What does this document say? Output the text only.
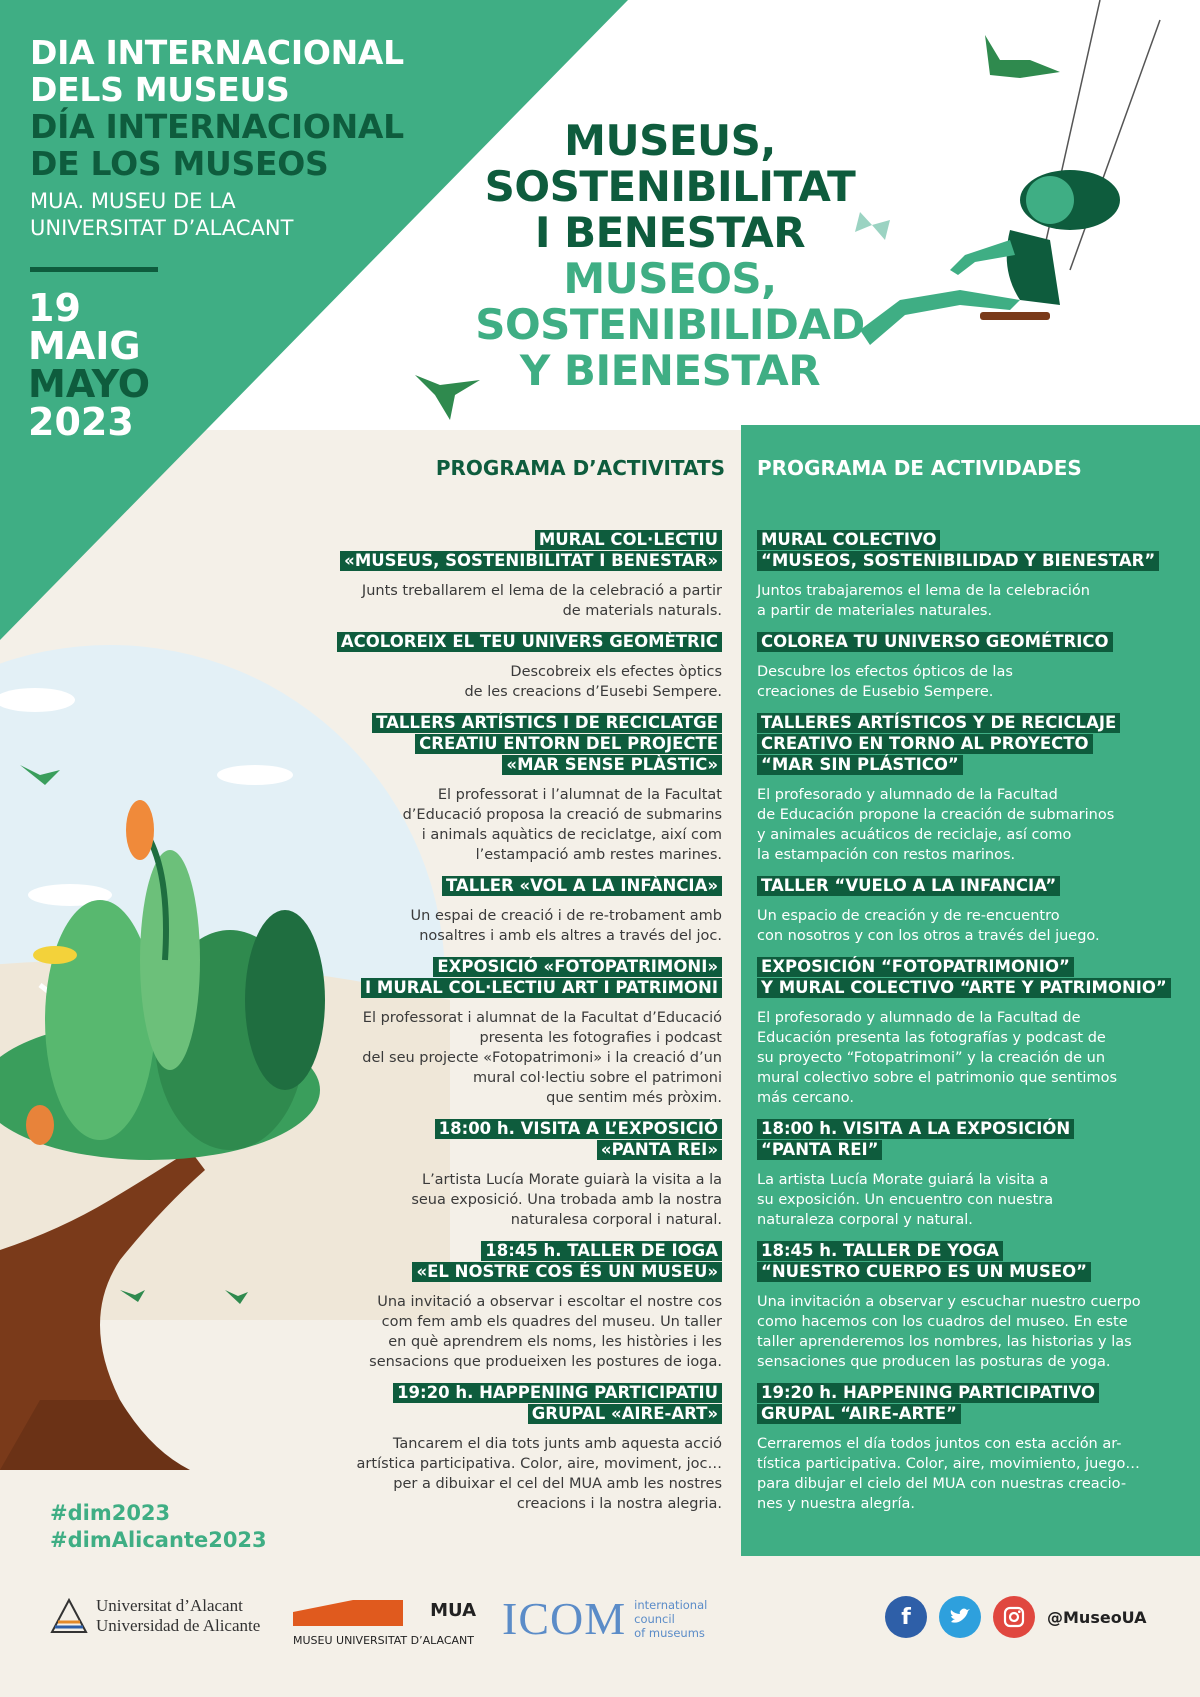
DIA INTERNACIONAL
DELS MUSEUS
DÍA INTERNACIONAL
DE LOS MUSEOS
MUA. MUSEU DE LA
UNIVERSITAT D’ALACANT
19
MAIG
MAYO
2023
MUSEUS,
SOSTENIBILITAT
I BENESTAR
MUSEOS,
SOSTENIBILIDAD
Y BIENESTAR
PROGRAMA D’ACTIVITATS PROGRAMA DE ACTIVIDADES
MURAL COL·LECTIU
«MUSEUS, SOSTENIBILITAT I BENESTAR»
Junts treballarem el lema de la celebració a partir
de materials naturals.
ACOLOREIX EL TEU UNIVERS GEOMÈTRIC
Descobreix els efectes òptics
de les creacions d’Eusebi Sempere.
TALLERS ARTÍSTICS I DE RECICLATGE
CREATIU ENTORN DEL PROJECTE
«MAR SENSE PLÀSTIC»
El professorat i l’alumnat de la Facultat
d’Educació proposa la creació de submarins
i animals aquàtics de reciclatge, així com
l’estampació amb restes marines.
TALLER «VOL A LA INFÀNCIA»
Un espai de creació i de re-trobament amb
nosaltres i amb els altres a través del joc.
EXPOSICIÓ «FOTOPATRIMONI»
I MURAL COL·LECTIU ART I PATRIMONI
El professorat i alumnat de la Facultat d’Educació
presenta les fotografies i podcast
del seu projecte «Fotopatrimoni» i la creació d’un
mural col·lectiu sobre el patrimoni
que sentim més pròxim.
18:00 h. VISITA A L’EXPOSICIÓ
«PANTA REI»
L’artista Lucía Morate guiarà la visita a la
seua exposició. Una trobada amb la nostra
naturalesa corporal i natural.
18:45 h. TALLER DE IOGA
«EL NOSTRE COS ÉS UN MUSEU»
Una invitació a observar i escoltar el nostre cos
com fem amb els quadres del museu. Un taller
en què aprendrem els noms, les històries i les
sensacions que produeixen les postures de ioga.
19:20 h. HAPPENING PARTICIPATIU
GRUPAL «AIRE-ART»
Tancarem el dia tots junts amb aquesta acció
artística participativa. Color, aire, moviment, joc…
per a dibuixar el cel del MUA amb les nostres
creacions i la nostra alegria.
MURAL COLECTIVO
“MUSEOS, SOSTENIBILIDAD Y BIENESTAR”
Juntos trabajaremos el lema de la celebración
a partir de materiales naturales.
COLOREA TU UNIVERSO GEOMÉTRICO
Descubre los efectos ópticos de las
creaciones de Eusebio Sempere.
TALLERES ARTÍSTICOS Y DE RECICLAJE
CREATIVO EN TORNO AL PROYECTO
“MAR SIN PLÁSTICO”
El profesorado y alumnado de la Facultad
de Educación propone la creación de submarinos
y animales acuáticos de reciclaje, así como
la estampación con restos marinos.
TALLER “VUELO A LA INFANCIA”
Un espacio de creación y de re-encuentro
con nosotros y con los otros a través del juego.
EXPOSICIÓN “FOTOPATRIMONIO”
Y MURAL COLECTIVO “ARTE Y PATRIMONIO”
El profesorado y alumnado de la Facultad de
Educación presenta las fotografías y podcast de
su proyecto “Fotopatrimoni” y la creación de un
mural colectivo sobre el patrimonio que sentimos
más cercano.
18:00 h. VISITA A LA EXPOSICIÓN
“PANTA REI”
La artista Lucía Morate guiará la visita a
su exposición. Un encuentro con nuestra
naturaleza corporal y natural.
18:45 h. TALLER DE YOGA
“NUESTRO CUERPO ES UN MUSEO”
Una invitación a observar y escuchar nuestro cuerpo
como hacemos con los cuadros del museo. En este
taller aprenderemos los nombres, las historias y las
sensaciones que producen las posturas de yoga.
19:20 h. HAPPENING PARTICIPATIVO
GRUPAL “AIRE-ARTE”
Cerraremos el día todos juntos con esta acción ar-
tística participativa. Color, aire, movimiento, juego…
para dibujar el cielo del MUA con nuestras creacio-
nes y nuestra alegría.
#dim2023
#dimAlicante2023
Universitat d’Alacant
Universidad de Alicante
MUA
MUSEU UNIVERSITAT D’ALACANT ICOM international
council
of museums
f	@MuseoUA
